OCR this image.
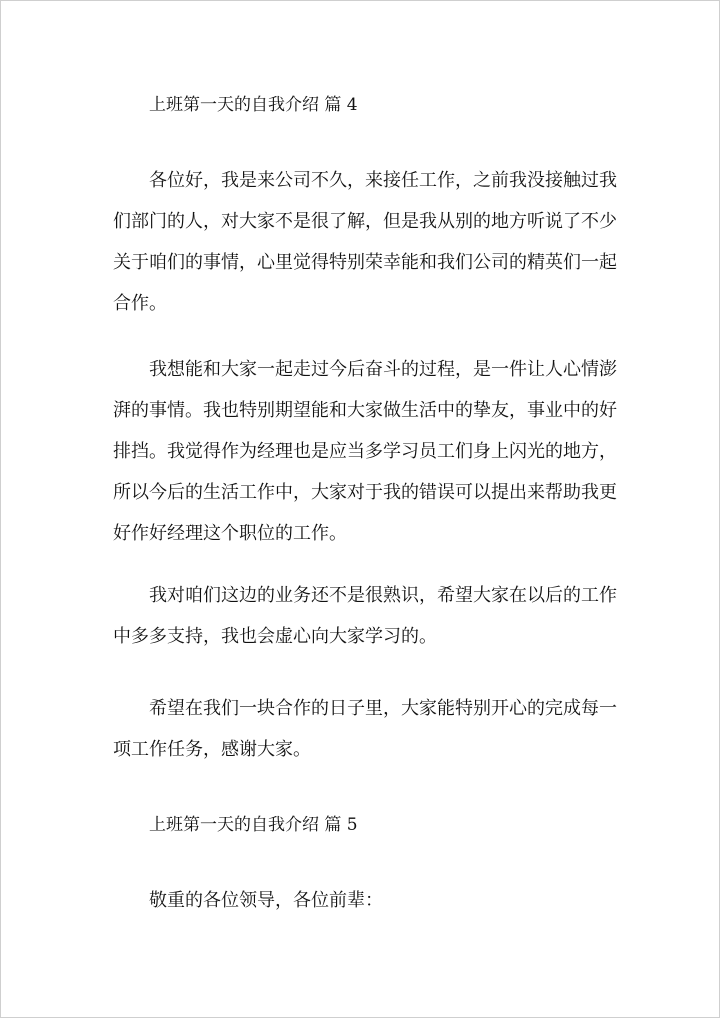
上班第一天的自我介绍 篇 4

各位好，我是来公司不久，来接任工作，之前我没接触过我们部门的人，对大家不是很了解，但是我从别的地方听说了不少关于咱们的事情，心里觉得特别荣幸能和我们公司的精英们一起合作。

我想能和大家一起走过今后奋斗的过程，是一件让人心情澎湃的事情。我也特别期望能和大家做生活中的挚友，事业中的好排挡。我觉得作为经理也是应当多学习员工们身上闪光的地方，所以今后的生活工作中，大家对于我的错误可以提出来帮助我更好作好经理这个职位的工作。

我对咱们这边的业务还不是很熟识，希望大家在以后的工作中多多支持，我也会虚心向大家学习的。

希望在我们一块合作的日子里，大家能特别开心的完成每一项工作任务，感谢大家。

上班第一天的自我介绍 篇 5

敬重的各位领导，各位前辈：
